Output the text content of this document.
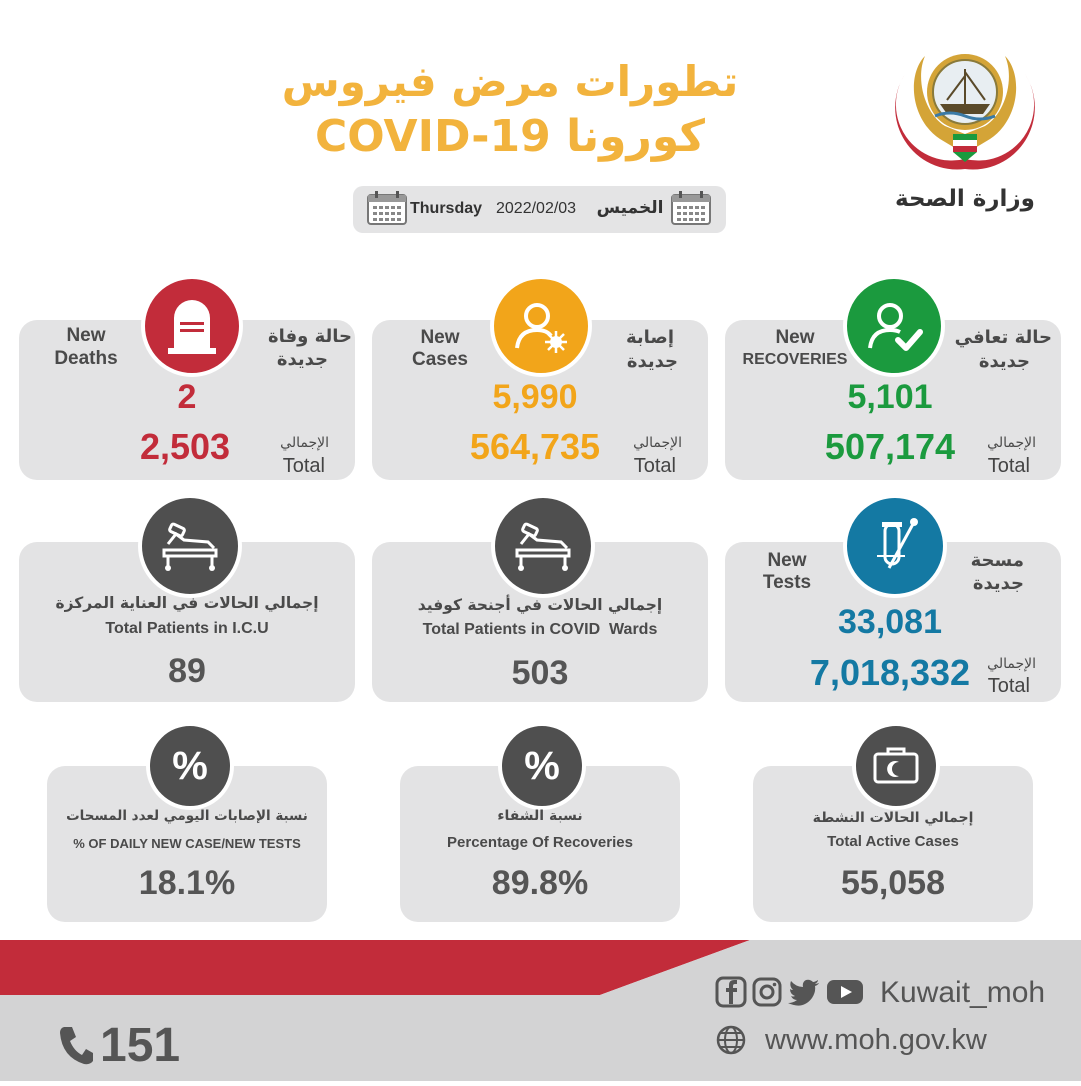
تطورات مرض فيروس
كورونا COVID-19
وزارة الصحة
Thursday 2022/02/03 الخميس
New
Deaths
حالة وفاة
جديدة
2
2,503	الإجمالي
Total
New
Cases
إصابة
جديدة
5,990
564,735	الإجمالي
Total
New
RECOVERIES
حالة تعافي
جديدة
5,101
507,174	الإجمالي
Total
إجمالي الحالات في العناية المركزة
Total Patients in I.C.U
89
إجمالي الحالات في أجنحة كوفيد
Total Patients in COVID  Wards
503
New
Tests
مسحة
جديدة
33,081
7,018,332	الإجمالي
Total
%
نسبة الإصابات اليومي لعدد المسحات
% OF DAILY NEW CASE/NEW TESTS
18.1%
%
نسبة الشفاء
Percentage Of Recoveries
89.8%
إجمالي الحالات النشطة
Total Active Cases
55,058
Kuwait_moh
www.moh.gov.kw
151
